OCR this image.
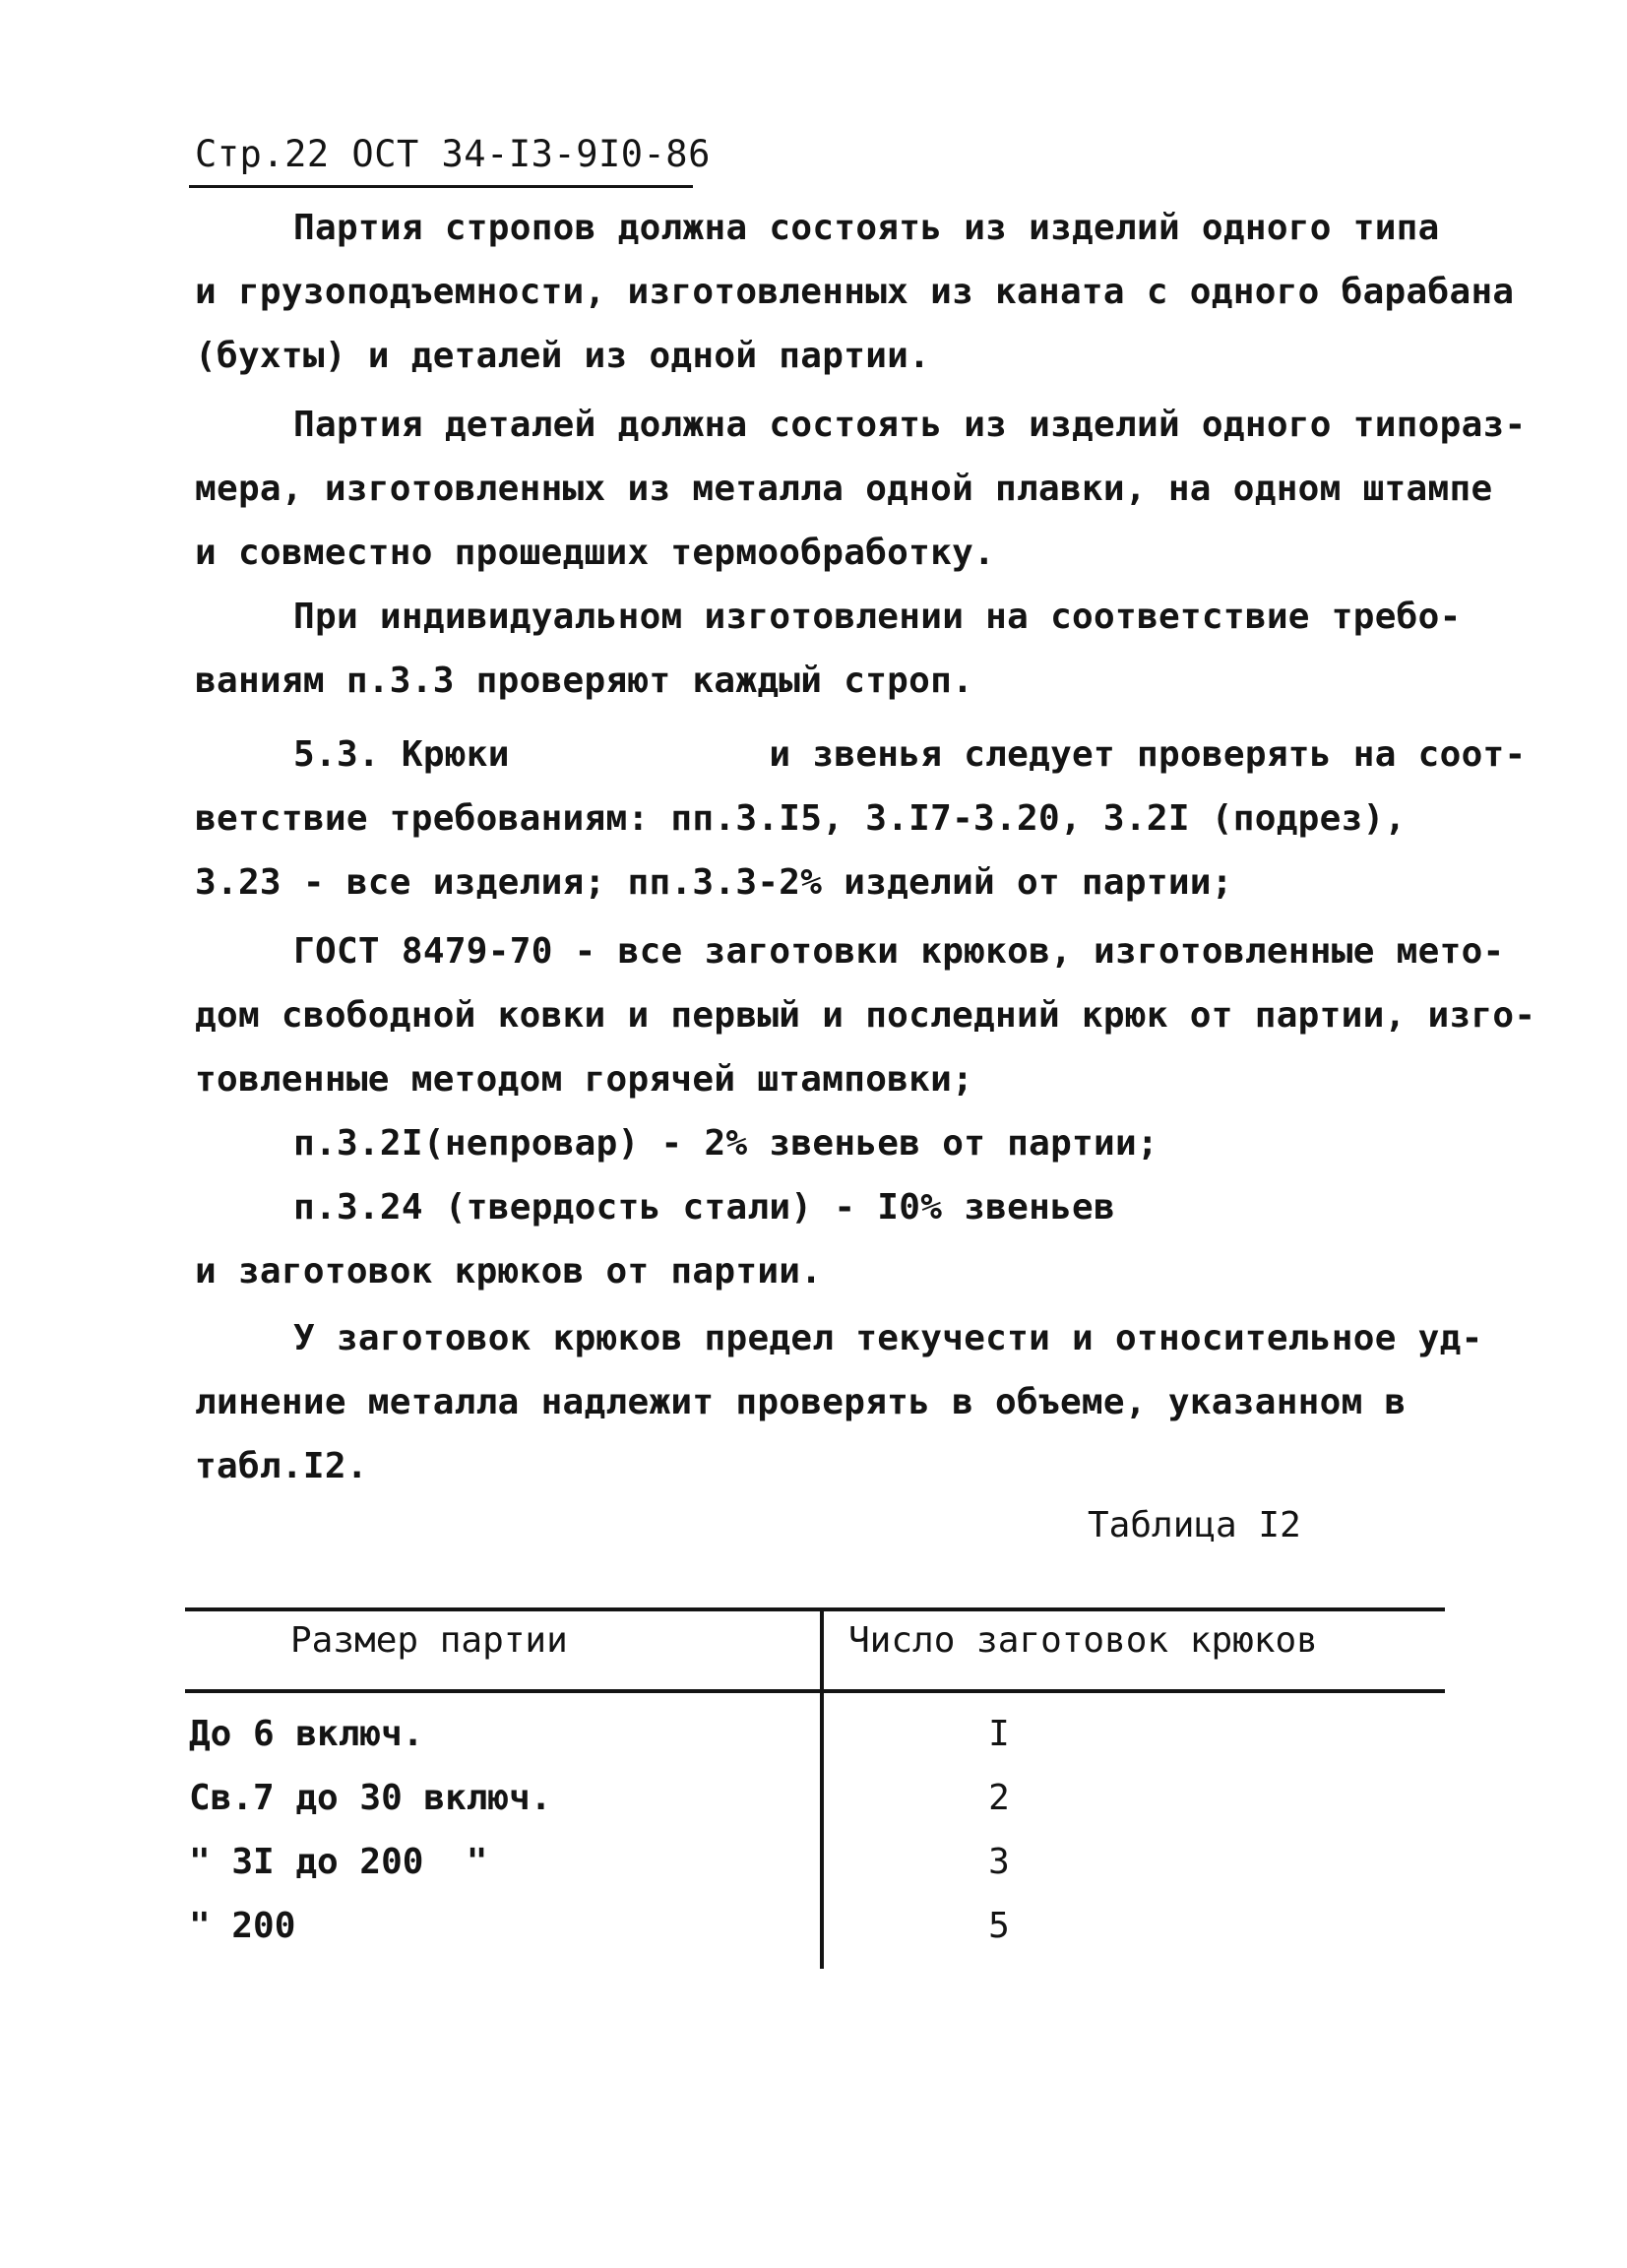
Стр.22 ОСТ 34-I3-9I0-86
Партия стропов должна состоять из изделий одного типа
и грузоподъемности, изготовленных из каната с одного барабана
(бухты) и деталей из одной партии.
Партия деталей должна состоять из изделий одного типораз-
мера, изготовленных из металла одной плавки, на одном штампе
и совместно прошедших термообработку.
При индивидуальном изготовлении на соответствие требо-
ваниям п.3.3 проверяют каждый строп.
5.3. Крюки            и звенья следует проверять на соот-
ветствие требованиям: пп.3.I5, 3.I7-3.20, 3.2I (подрез),
3.23 - все изделия; пп.3.3-2% изделий от партии;
ГОСТ 8479-70 - все заготовки крюков, изготовленные мето-
дом свободной ковки и первый и последний крюк от партии, изго-
товленные методом горячей штамповки;
п.3.2I(непровар) - 2% звеньев от партии;
п.3.24 (твердость стали) - I0% звеньев
и заготовок крюков от партии.
У заготовок крюков предел текучести и относительное уд-
линение металла надлежит проверять в объеме, указанном в
табл.I2.
Таблица I2
Размер партии	Число заготовок крюков
До 6 включ.	I
Св.7 до 30 включ.	2
" 3I до 200  "	3
" 200	5
